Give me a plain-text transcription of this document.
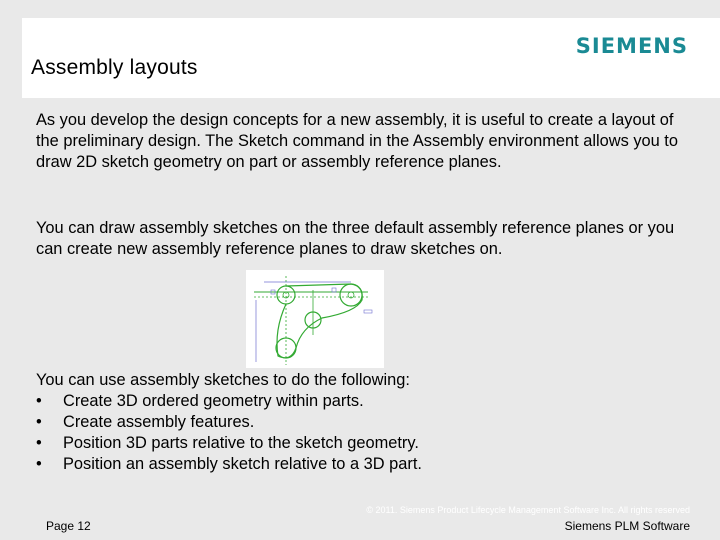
Assembly layouts
SIEMENS

As you develop the design concepts for a new assembly, it is useful to create a layout of the preliminary design. The Sketch command in the Assembly environment allows you to draw 2D sketch geometry on part or assembly reference planes.

You can draw assembly sketches on the three default assembly reference planes or you can create new assembly reference planes to draw sketches on.

You can use assembly sketches to do the following:

• Create 3D ordered geometry within parts.
• Create assembly features.
• Position 3D parts relative to the sketch geometry.
• Position an assembly sketch relative to a 3D part.
© 2011. Siemens Product Lifecycle Management Software Inc. All rights reserved
Page 12	Siemens PLM Software
